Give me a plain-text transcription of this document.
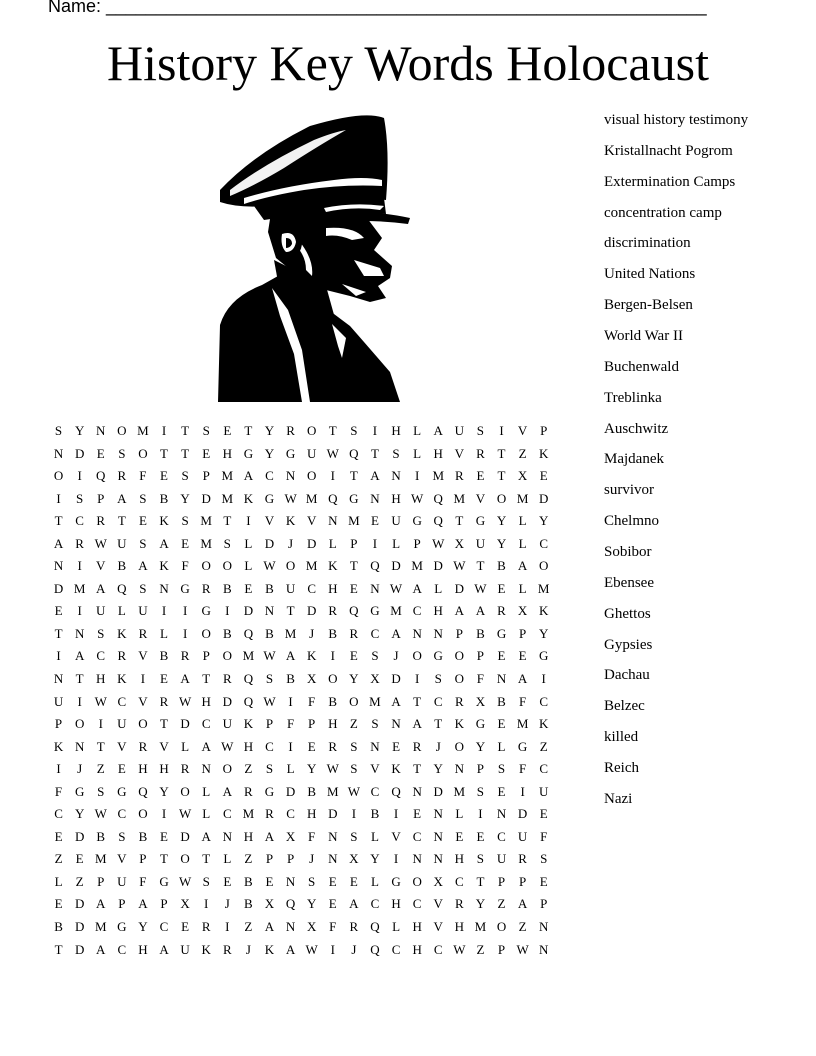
Name: ____________________________________________________________
History Key Words Holocaust
S Y N O M	I	T	S	E	T Y R O T	S	I	H L A U S	I	V P
N D E	S O T	T	E H G Y G U W Q T	S	L H V R T	Z K
O	I	Q R	F	E	S	P M A C N O	I	T A N	I	M R E	T X E
I	S	P A S	B Y D M K G W M Q G N H W Q M V O M D
T C R T	E K S M T	I	V K V N M E U G Q T G Y L Y
A R W U S A E M S	L D	J	D L	P	I	L	P W X U Y L C
N	I	V B A K F O O L W O M K T Q D M D W T B A O
D M A Q S N G R B E B U C H E N W A L D W E	L M
E	I	U L U	I	I	G	I	D N T D R Q G M C H A A R X K
T N S K R L	I	O B Q B M J	B R C A N N P	B G P Y
I	A C R V B R	P O M W A K	I	E	S	J	O G O P	E	E G
N T H K	I	E A T R Q S	B X O Y X D	I	S O F N A	I
U	I W C V R W H D Q W I	F	B O M A T C R X B	F	C
P O	I	U O T D C U K P	F	P H Z	S N A T K G E M K
K N T V R V L A W H C	I	E R	S N E R	J	O Y L G Z
I	J	Z	E H H R N O Z	S	L Y W S V K T Y N P	S	F	C
F G S G Q Y O L A R G D B M W C Q N D M S	E	I	U
C Y W C O	I W L C M R C H D	I	B	I	E N L	I	N D E
E D B	S	B E D A N H A X F N S	L V C N E	E C U F
Z	E M V P	T O T	L	Z	P	P	J	N X Y	I	N N H S U R	S
L	Z	P U F G W S	E B E N S	E	E	L G O X C T	P	P	E
E D A P A P X	I	J	B X Q Y E A C H C V R Y Z A P
B D M G Y C E R	I	Z A N X F	R Q L H V H M O Z N
T D A C H A U K R	J	K A W I	J	Q C H C W Z	P W N
visual history testimony
Kristallnacht Pogrom
Extermination Camps
concentration camp
discrimination
United Nations
Bergen-Belsen
World War II
Buchenwald
Treblinka
Auschwitz
Majdanek
survivor
Chelmno
Sobibor
Ebensee
Ghettos
Gypsies
Dachau
Belzec
killed
Reich
Nazi
